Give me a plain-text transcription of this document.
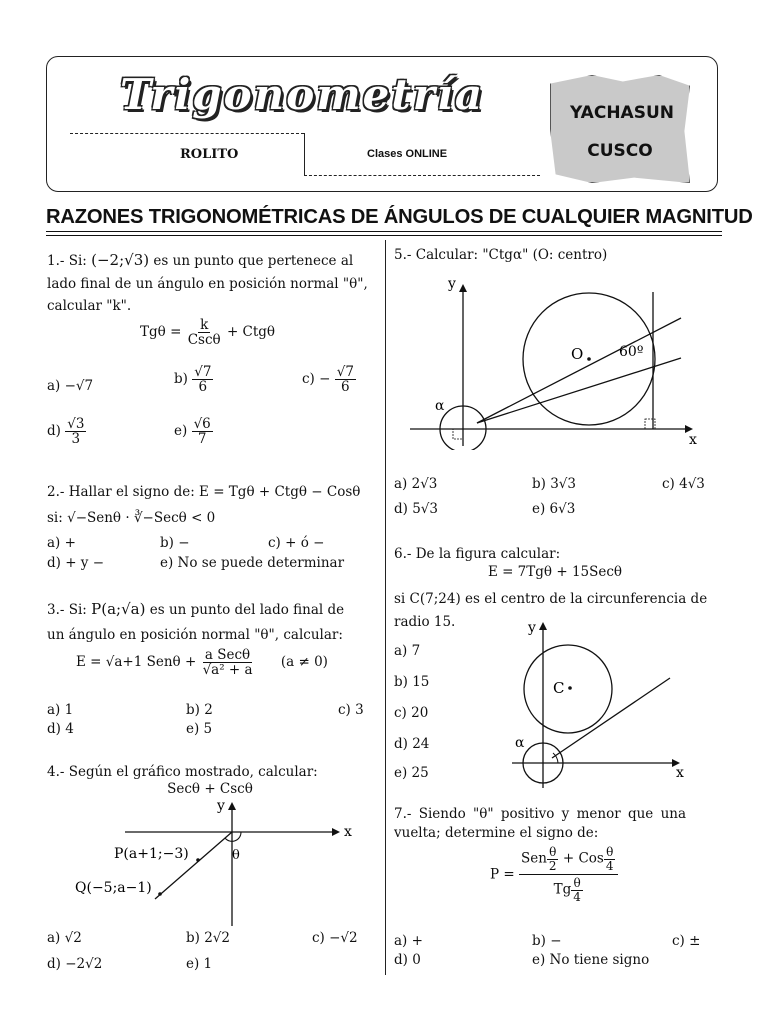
Trigonometría
ROLITO	Clases ONLINE
YACHASUN
CUSCO
RAZONES TRIGONOMÉTRICAS DE ÁNGULOS DE CUALQUIER MAGNITUD
1.- Si: (−2;√3) es un punto que pertenece al
lado final de un ángulo en posición normal "θ",
calcular "k".
$Tg\theta = \frac{k}{\text{Cscθ}} + Ctg\theta$
a) −√7	$b) \frac{√7}{6}$	$c) - \frac{√7}{6}$
$d) \frac{√3}{3}$	$e) \frac{√6}{7}$
2.- Hallar el signo de: E = Tgθ + Ctgθ − Cosθ
si: √−Senθ · ∛−Secθ < 0
a) +	b) −	c) + ó −
d) + y −	e) No se puede determinar
3.- Si: P(a;√a) es un punto del lado final de
un ángulo en posición normal "θ", calcular:
E = √a+1 $Sen\theta + \frac{\text{a Secθ}}{\text{√a² + a}} (a \ne 0)$
a) 1	b) 2	c) 3
d) 4	e) 5
4.- Según el gráfico mostrado, calcular:
Secθ + Cscθ
x
y
θ
P(a+1;−3)
Q(−5;a−1)
a) √2	b) 2√2	c) −√2
d) −2√2	e) 1
5.- Calcular: "Ctgα" (O: centro)
x
y
O	60º
α
a) 2√3	b) 3√3	c) 4√3
d) 5√3	e) 6√3
6.- De la figura calcular:
E = 7Tgθ + 15Secθ
si C(7;24) es el centro de la circunferencia de
radio 15.
x
y
C
α
a) 7
b) 15
c) 20
d) 24
e) 25
7.- Siendo "θ" positivo y menor que una
vuelta; determine el signo de:
$P = \frac{Sen \frac{\theta}{2} + Cos \frac{\theta}{4}}{Tg \frac{\theta}{4}}$
a) +	b) −	c) ±
d) 0	e) No tiene signo
